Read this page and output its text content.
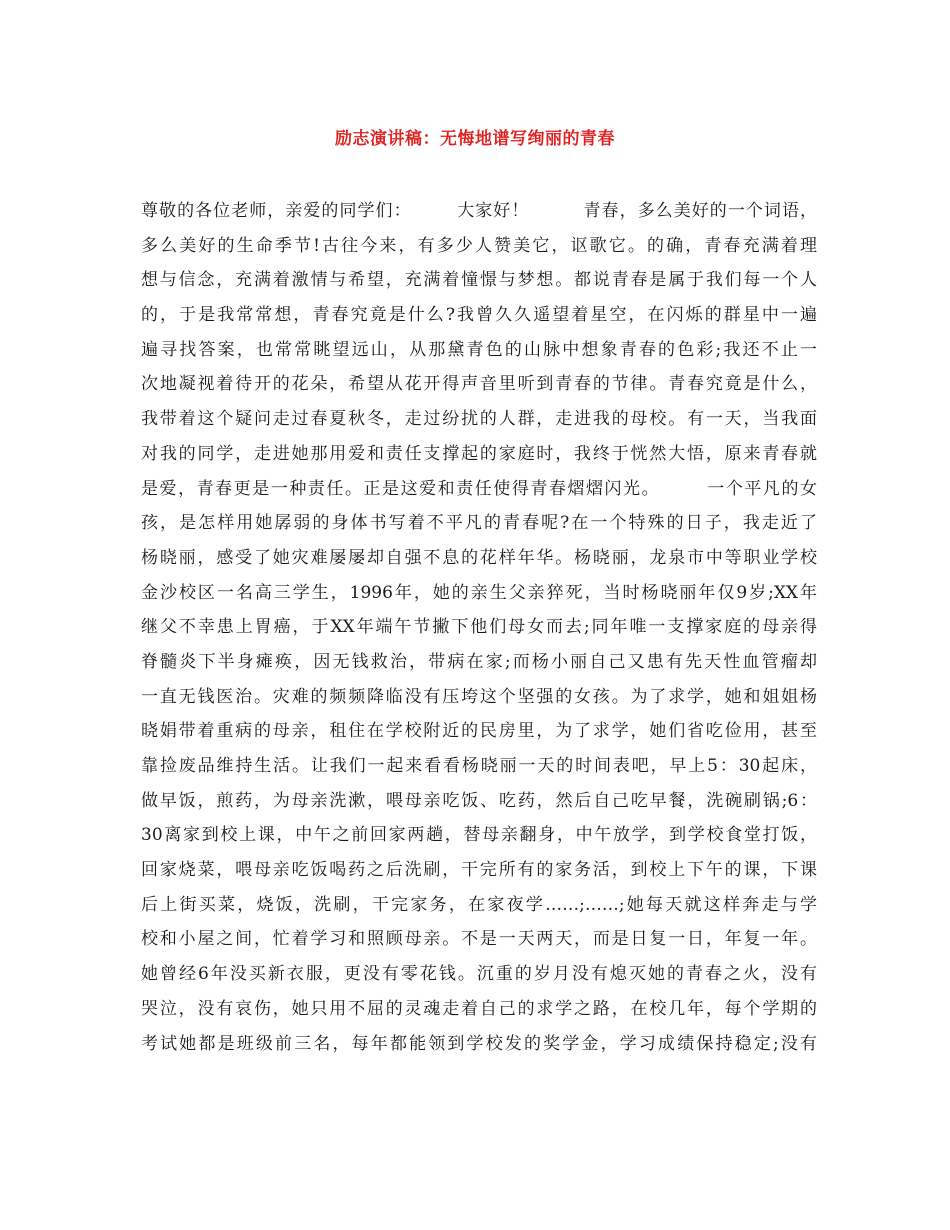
励志演讲稿：无悔地谱写绚丽的青春
尊敬的各位老师，亲爱的同学们：　　　大家好！　　　青春，多么美好的一个词语，
多么美好的生命季节!古往今来，有多少人赞美它，讴歌它。的确，青春充满着理
想与信念，充满着激情与希望，充满着憧憬与梦想。都说青春是属于我们每一个人
的，于是我常常想，青春究竟是什么?我曾久久遥望着星空，在闪烁的群星中一遍
遍寻找答案，也常常眺望远山，从那黛青色的山脉中想象青春的色彩;我还不止一
次地凝视着待开的花朵，希望从花开得声音里听到青春的节律。青春究竟是什么，
我带着这个疑问走过春夏秋冬，走过纷扰的人群，走进我的母校。有一天，当我面
对我的同学，走进她那用爱和责任支撑起的家庭时，我终于恍然大悟，原来青春就
是爱，青春更是一种责任。正是这爱和责任使得青春熠熠闪光。　　　一个平凡的女
孩，是怎样用她孱弱的身体书写着不平凡的青春呢?在一个特殊的日子，我走近了
杨晓丽，感受了她灾难屡屡却自强不息的花样年华。杨晓丽，龙泉市中等职业学校
金沙校区一名高三学生，1996年，她的亲生父亲猝死，当时杨晓丽年仅9岁;XX年
继父不幸患上胃癌，于XX年端午节撇下他们母女而去;同年唯一支撑家庭的母亲得
脊髓炎下半身瘫痪，因无钱救治，带病在家;而杨小丽自己又患有先天性血管瘤却
一直无钱医治。灾难的频频降临没有压垮这个坚强的女孩。为了求学，她和姐姐杨
晓娟带着重病的母亲，租住在学校附近的民房里，为了求学，她们省吃俭用，甚至
靠捡废品维持生活。让我们一起来看看杨晓丽一天的时间表吧，早上5：30起床，
做早饭，煎药，为母亲洗漱，喂母亲吃饭、吃药，然后自己吃早餐，洗碗刷锅;6：
30离家到校上课，中午之前回家两趟，替母亲翻身，中午放学，到学校食堂打饭，
回家烧菜，喂母亲吃饭喝药之后洗刷，干完所有的家务活，到校上下午的课，下课
后上街买菜，烧饭，洗刷，干完家务，在家夜学……;……;她每天就这样奔走与学
校和小屋之间，忙着学习和照顾母亲。不是一天两天，而是日复一日，年复一年。
她曾经6年没买新衣服，更没有零花钱。沉重的岁月没有熄灭她的青春之火，没有
哭泣，没有哀伤，她只用不屈的灵魂走着自己的求学之路，在校几年，每个学期的
考试她都是班级前三名，每年都能领到学校发的奖学金，学习成绩保持稳定;没有
